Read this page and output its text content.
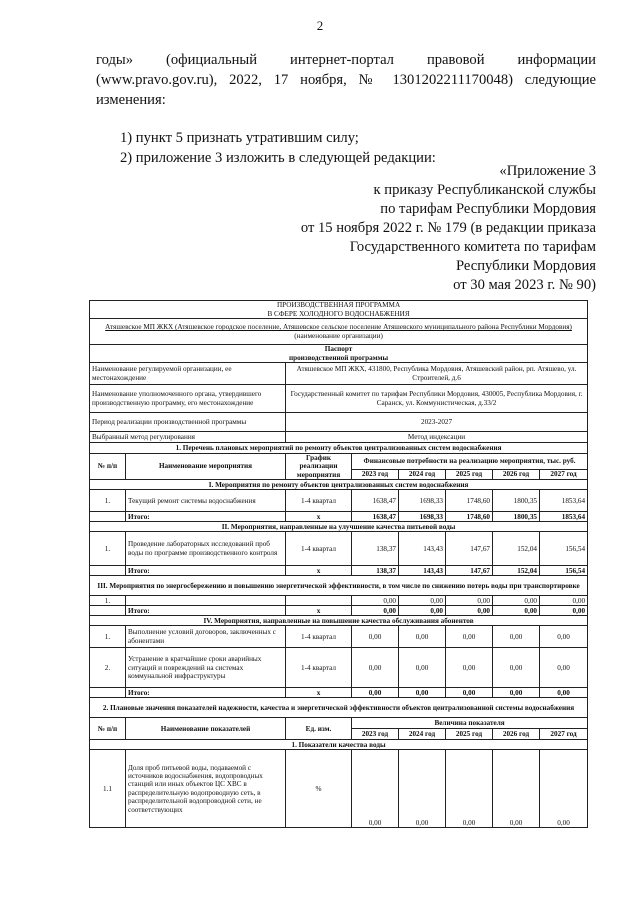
2
годы» (официальный интернет-портал правовой информации
(www.pravo.gov.ru), 2022, 17 ноября, № 1301202211170048) следующие
изменения:
1) пункт 5 признать утратившим силу;
2) приложение 3 изложить в следующей редакции:
«Приложение 3
к приказу Республиканской службы
по тарифам Республики Мордовия
от 15 ноября 2022 г. № 179 (в редакции приказа
Государственного комитета по тарифам
Республики Мордовия
от 30 мая 2023 г. № 90)
ПРОИЗВОДСТВЕННАЯ ПРОГРАММА
В СФЕРЕ ХОЛОДНОГО ВОДОСНАБЖЕНИЯ							

Атяшевское МП ЖКХ (Атяшевское городское поселение, Атяшевское сельское поселение Атяшевского муниципального района Республики Мордовия)
(наименование организации)							

Паспорт
производственной программы							

Наименование регулируемой организации, ее местонахождение		Атяшевское МП ЖКХ, 431800, Республика Мордовия, Атяшевский район, рп. Атяшево, ул. Строителей, д.6					
Наименование уполномоченного органа, утвердившего производственную программу, его местонахождение		Государственный комитет по тарифам Республики Мордовия, 430005, Республика Мордовия, г. Саранск, ул. Коммунистическая, д.33/2					
Период реализации производственной программы		2023-2027					
Выбранный метод регулирования		Метод индексации					
1. Перечень плановых мероприятий по ремонту объектов централизованных систем водоснабжения							
№ п/п	Наименование мероприятия	График реализации мероприятия	Финансовые потребности на реализацию мероприятия, тыс. руб.				
			2023 год	2024 год	2025 год	2026 год	2027 год
I. Мероприятия по ремонту объектов централизованных систем водоснабжения							
1.	Текущий ремонт системы водоснабжения	1-4 квартал	1638,47	1698,33	1748,60	1800,35	1853,64
	Итого:	x	1638,47	1698,33	1748,60	1800,35	1853,64
II. Мероприятия, направленные на улучшение качества питьевой воды							
1.	Проведение лабораторных исследований проб воды по программе производственного контроля	1-4 квартал	138,37	143,43	147,67	152,04	156,54
	Итого:	x	138,37	143,43	147,67	152,04	156,54
III. Мероприятия по энергосбережению и повышению энергетической эффективности, в том числе по снижению потерь воды при транспортировке							
1.			0,00	0,00	0,00	0,00	0,00
	Итого:	x	0,00	0,00	0,00	0,00	0,00
IV. Мероприятия, направленные на повышение качества обслуживания абонентов							
1.	Выполнение условий договоров, заключенных с абонентами	1-4 квартал	0,00	0,00	0,00	0,00	0,00
2.	Устранение в кратчайшие сроки аварийных ситуаций и повреждений на системах коммунальной инфраструктуры	1-4 квартал	0,00	0,00	0,00	0,00	0,00
	Итого:	x	0,00	0,00	0,00	0,00	0,00
2. Плановые значения показателей надежности, качества и энергетической эффективности объектов централизованной системы водоснабжения							
№ п/п	Наименование показателей	Ед. изм.	Величина показателя				
			2023 год	2024 год	2025 год	2026 год	2027 год
1. Показатели качества воды							
1.1	Доля проб питьевой воды, подаваемой с источников водоснабжения, водопроводных станций или иных объектов ЦС ХВС в распределительную водопроводную сеть, в распределительной водопроводной сети, не соответствующих	%	0,00	0,00	0,00	0,00	0,00
